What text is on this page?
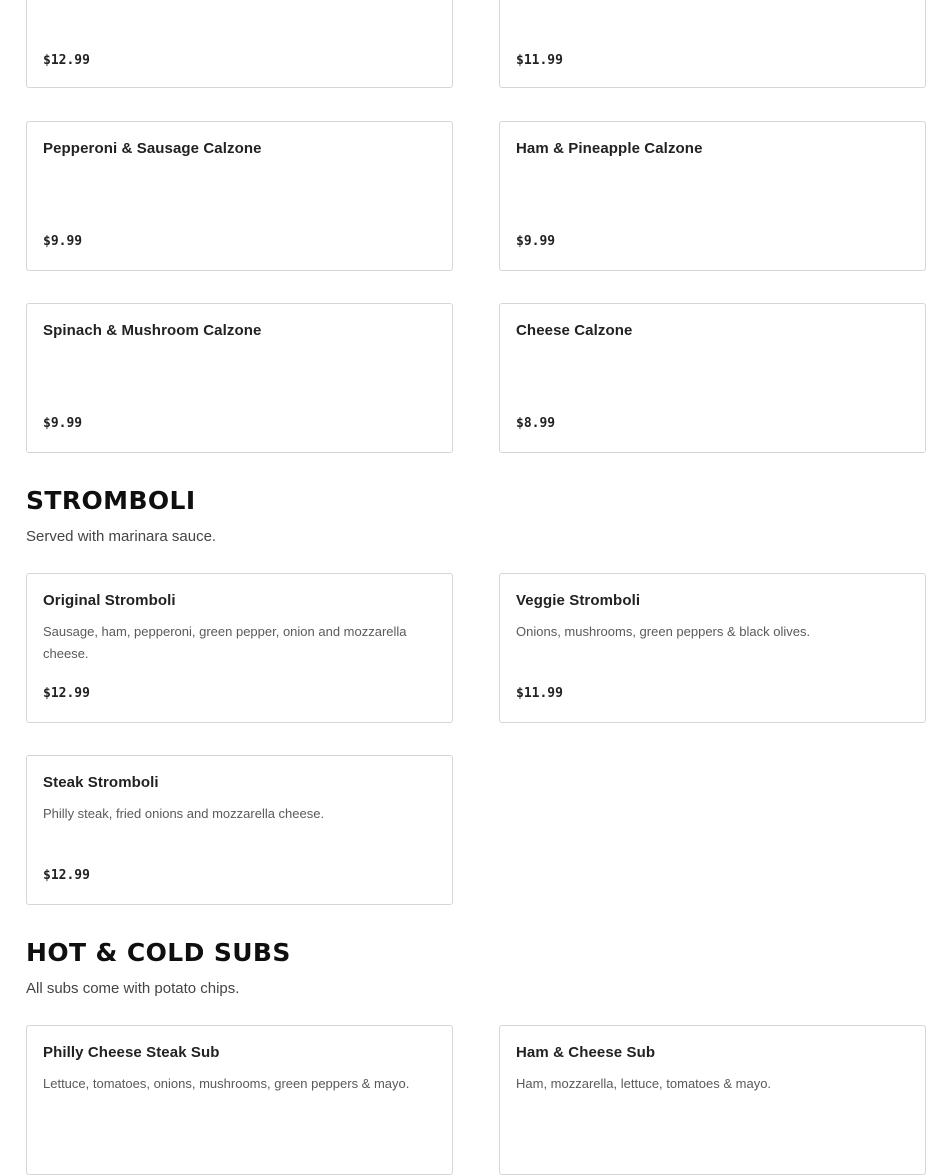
$12.99	$11.99
Pepperoni & Sausage Calzone
$9.99
Ham & Pineapple Calzone
$9.99
Spinach & Mushroom Calzone
$9.99
Cheese Calzone
$8.99
STROMBOLI

Served with marinara sauce.

Original Stromboli
Sausage, ham, pepperoni, green pepper, onion and mozzarella cheese.
$12.99
Veggie Stromboli
Onions, mushrooms, green peppers & black olives.
$11.99
Steak Stromboli
Philly steak, fried onions and mozzarella cheese.
$12.99
HOT & COLD SUBS

All subs come with potato chips.

Philly Cheese Steak Sub
Lettuce, tomatoes, onions, mushrooms, green peppers & mayo.
Ham & Cheese Sub
Ham, mozzarella, lettuce, tomatoes & mayo.
